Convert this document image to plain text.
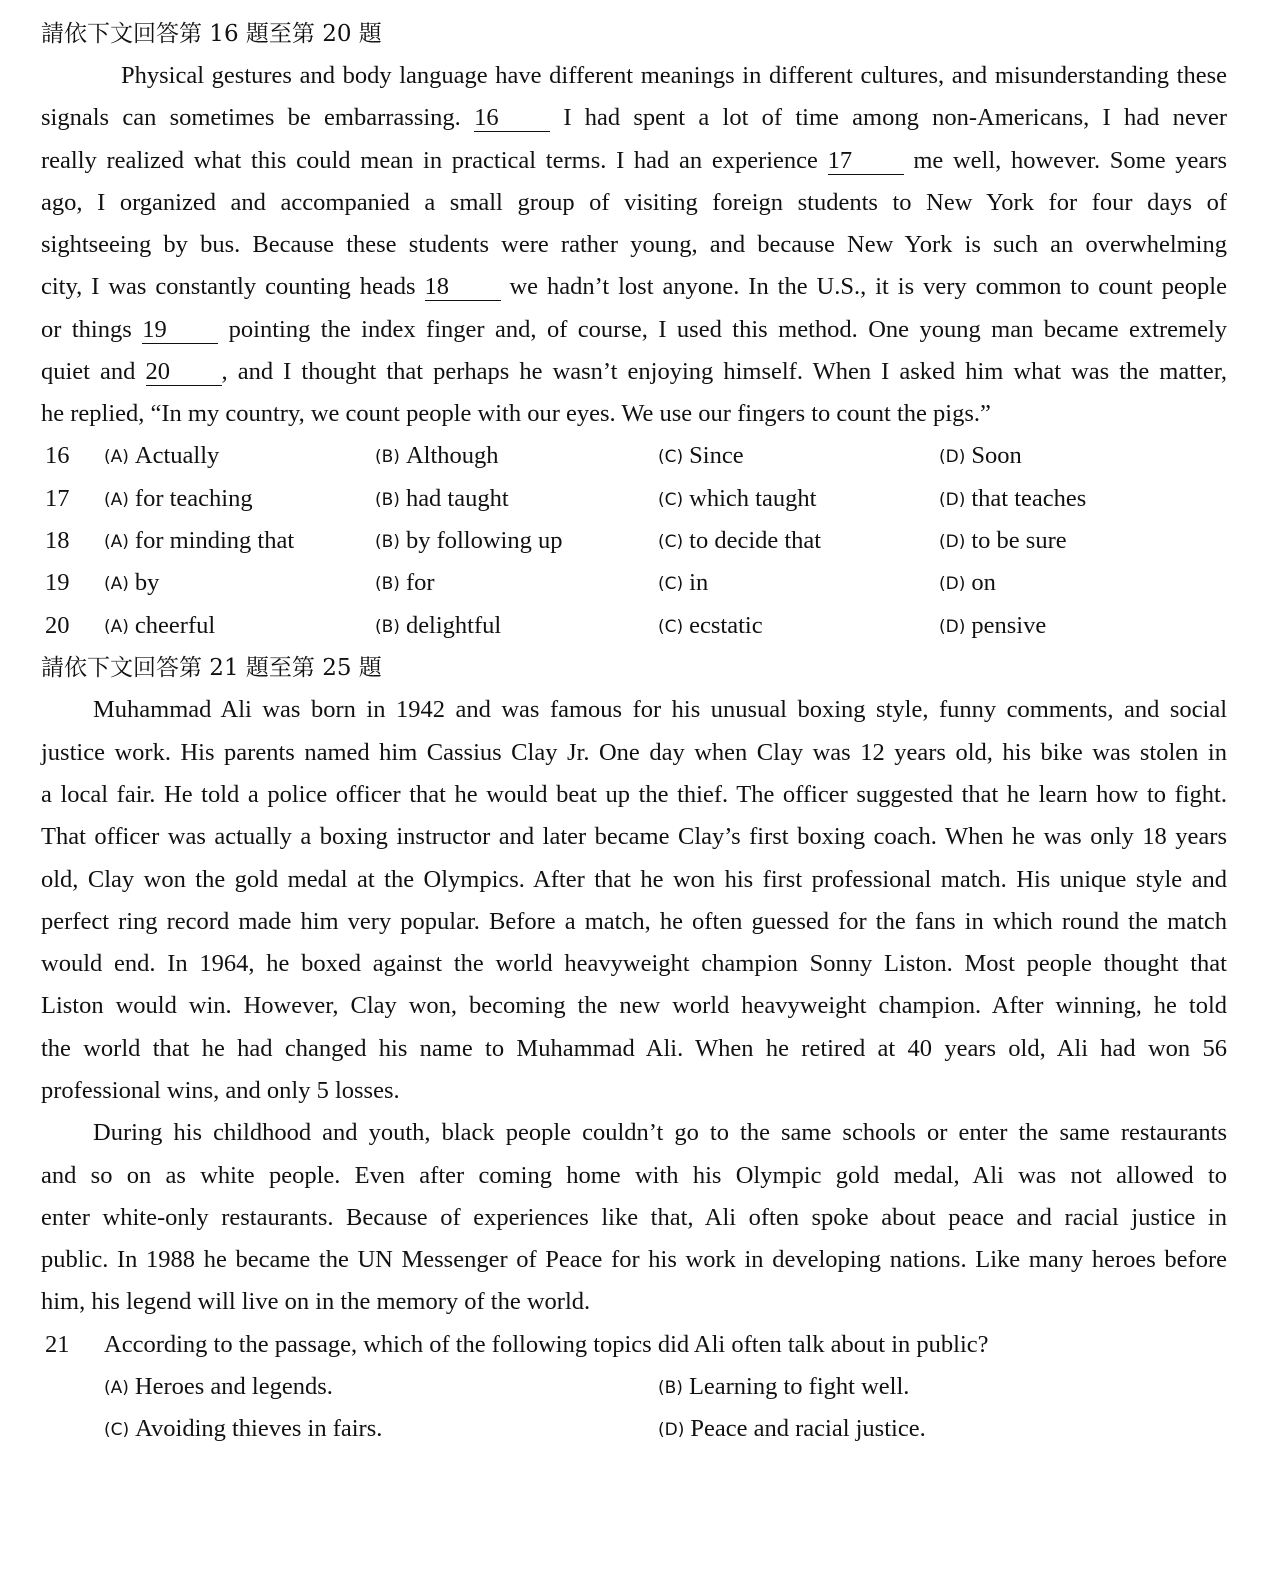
請依下文回答第 16 題至第 20 題
Physical gestures and body language have different meanings in different cultures, and misunderstanding these
signals can sometimes be embarrassing. 16 I had spent a lot of time among non-Americans, I had never
really realized what this could mean in practical terms. I had an experience 17 me well, however. Some years
ago, I organized and accompanied a small group of visiting foreign students to New York for four days of
sightseeing by bus. Because these students were rather young, and because New York is such an overwhelming
city, I was constantly counting heads 18 we hadn’t lost anyone. In the U.S., it is very common to count people
or things 19 pointing the index finger and, of course, I used this method. One young man became extremely
quiet and 20 , and I thought that perhaps he wasn’t enjoying himself. When I asked him what was the matter,
he replied, “In my country, we count people with our eyes. We use our fingers to count the pigs.”
16 (A) Actually	(B) Although	(C) Since	(D) Soon
17 (A) for teaching	(B) had taught	(C) which taught	(D) that teaches
18 (A) for minding that	(B) by following up	(C) to decide that	(D) to be sure
19 (A) by	(B) for	(C) in	(D) on
20 (A) cheerful	(B) delightful	(C) ecstatic	(D) pensive
請依下文回答第 21 題至第 25 題
Muhammad Ali was born in 1942 and was famous for his unusual boxing style, funny comments, and social
justice work. His parents named him Cassius Clay Jr. One day when Clay was 12 years old, his bike was stolen in
a local fair. He told a police officer that he would beat up the thief. The officer suggested that he learn how to fight.
That officer was actually a boxing instructor and later became Clay’s first boxing coach. When he was only 18 years
old, Clay won the gold medal at the Olympics. After that he won his first professional match. His unique style and
perfect ring record made him very popular. Before a match, he often guessed for the fans in which round the match
would end. In 1964, he boxed against the world heavyweight champion Sonny Liston. Most people thought that
Liston would win. However, Clay won, becoming the new world heavyweight champion. After winning, he told
the world that he had changed his name to Muhammad Ali. When he retired at 40 years old, Ali had won 56
professional wins, and only 5 losses.
During his childhood and youth, black people couldn’t go to the same schools or enter the same restaurants
and so on as white people. Even after coming home with his Olympic gold medal, Ali was not allowed to
enter white-only restaurants. Because of experiences like that, Ali often spoke about peace and racial justice in
public. In 1988 he became the UN Messenger of Peace for his work in developing nations. Like many heroes before
him, his legend will live on in the memory of the world.
21 According to the passage, which of the following topics did Ali often talk about in public?
(A) Heroes and legends.	(B) Learning to fight well.
(C) Avoiding thieves in fairs.	(D) Peace and racial justice.
